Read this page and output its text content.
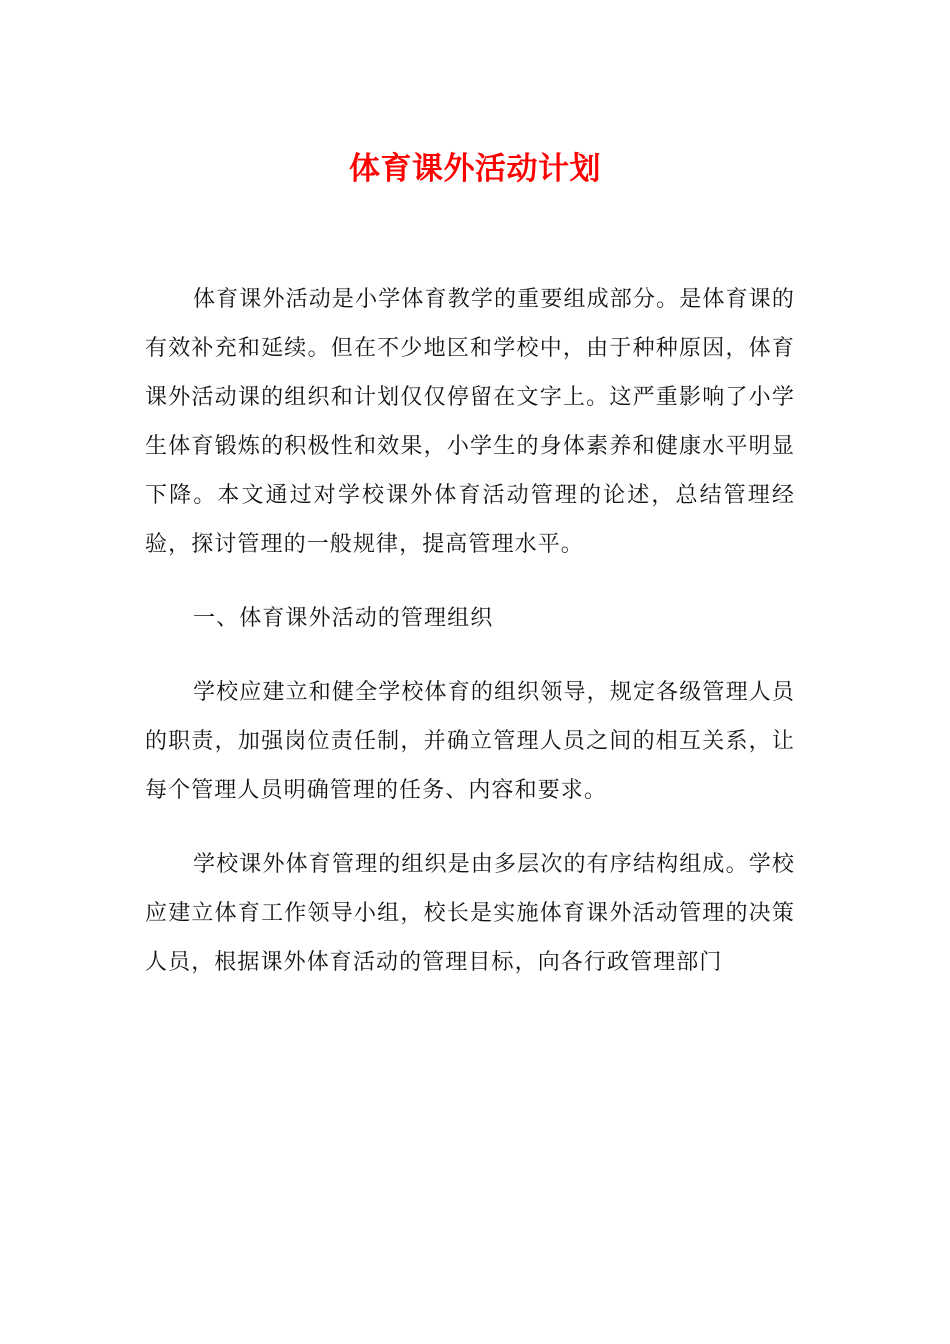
体育课外活动计划

体育课外活动是小学体育教学的重要组成部分。是体育课的有效补充和延续。但在不少地区和学校中，由于种种原因，体育课外活动课的组织和计划仅仅停留在文字上。这严重影响了小学生体育锻炼的积极性和效果，小学生的身体素养和健康水平明显下降。本文通过对学校课外体育活动管理的论述，总结管理经验，探讨管理的一般规律，提高管理水平。

一、体育课外活动的管理组织

学校应建立和健全学校体育的组织领导，规定各级管理人员的职责，加强岗位责任制，并确立管理人员之间的相互关系，让每个管理人员明确管理的任务、内容和要求。

学校课外体育管理的组织是由多层次的有序结构组成。学校应建立体育工作领导小组，校长是实施体育课外活动管理的决策人员，根据课外体育活动的管理目标，向各行政管理部门
